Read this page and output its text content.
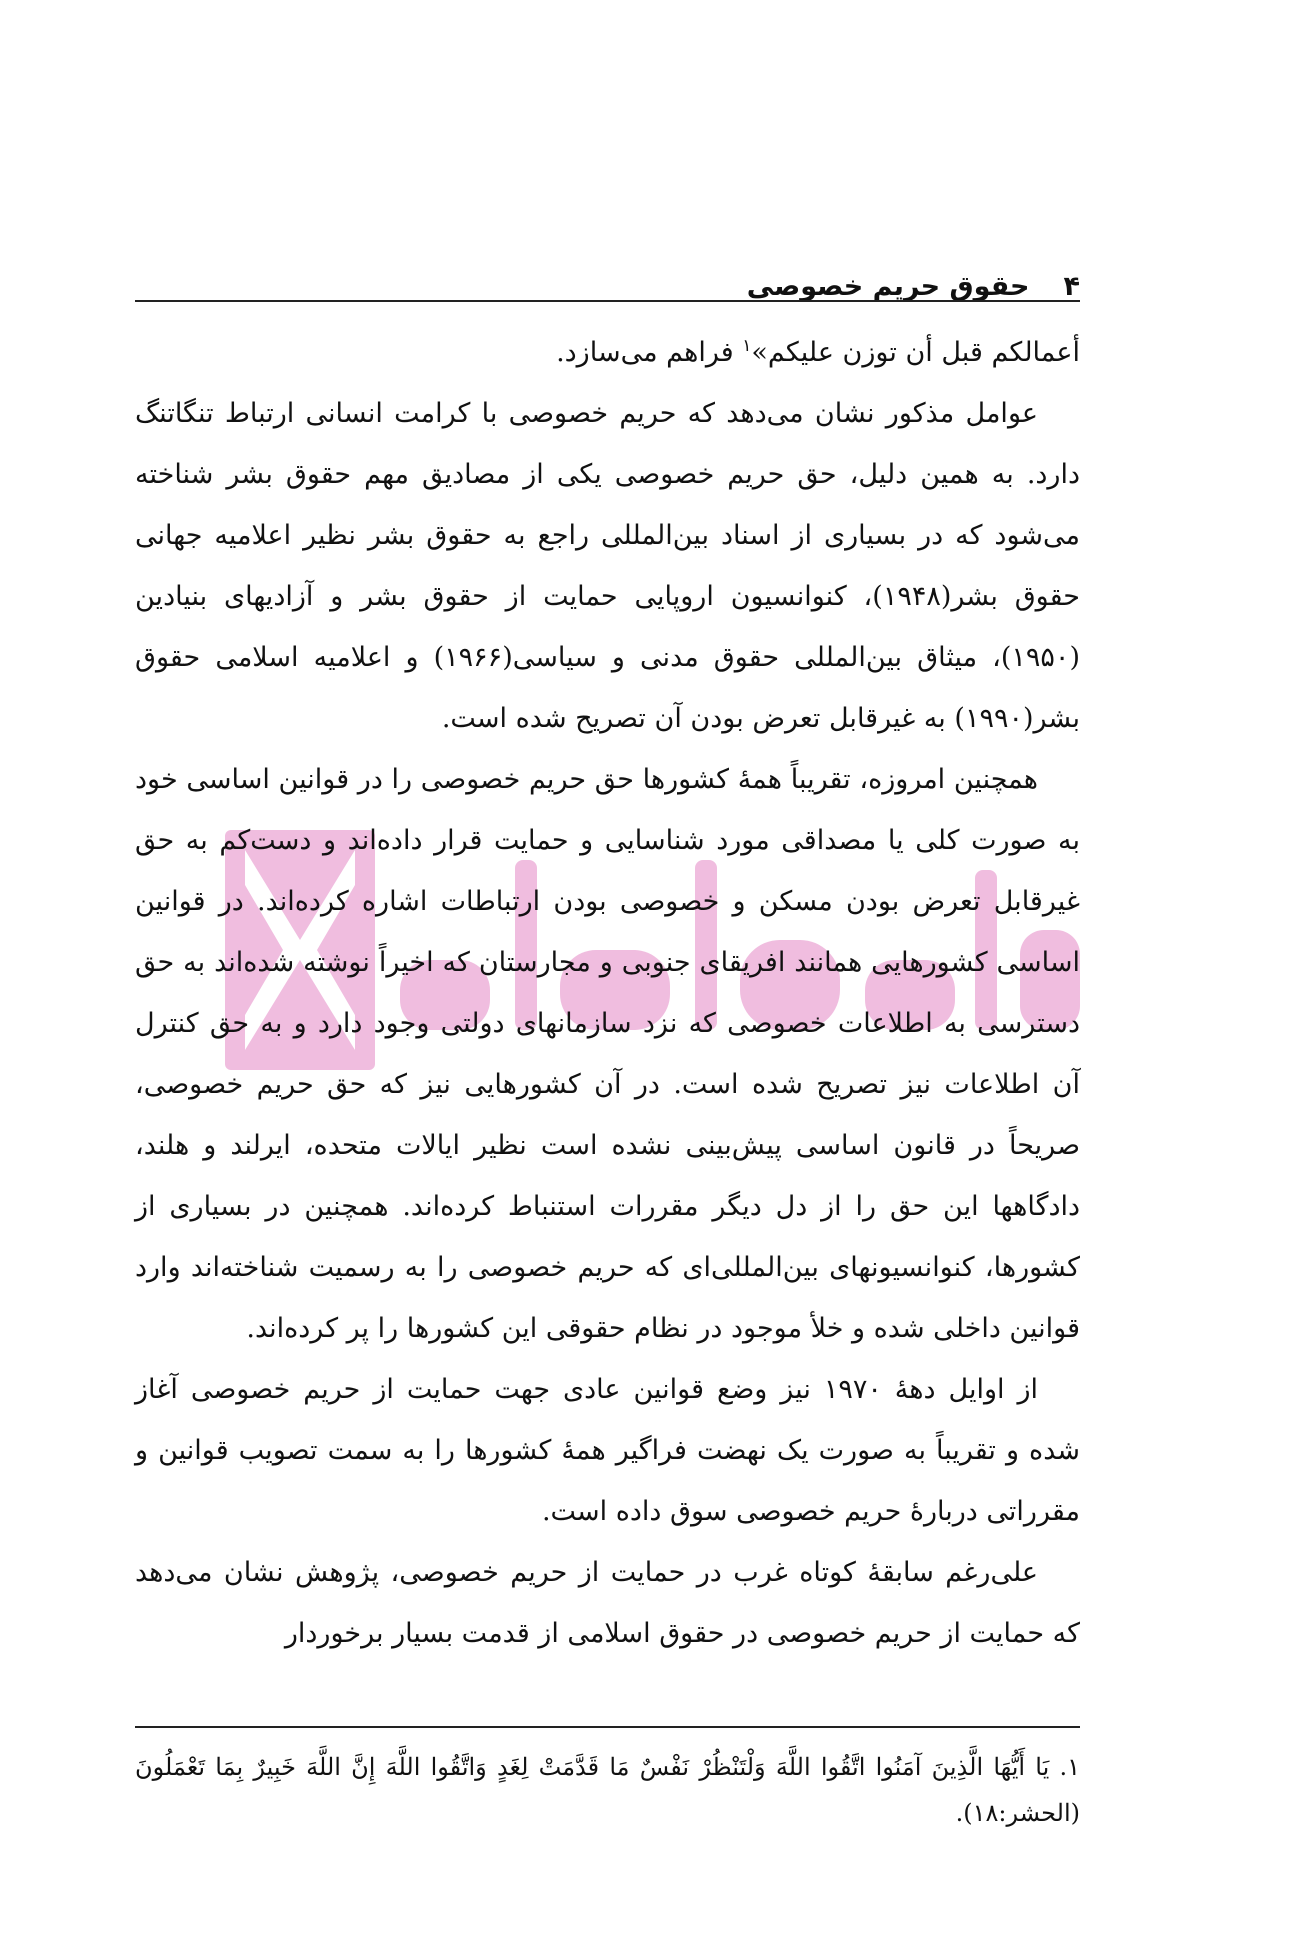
۴
حقوق حریم خصوصی

أعمالکم قبل أن توزن علیکم»$^۱$ فراهم می‌سازد.

عوامل مذکور نشان می‌دهد که حریم خصوصی با کرامت انسانی ارتباط تنگاتنگ دارد. به همین دلیل، حق حریم خصوصی یکی از مصادیق مهم حقوق بشر شناخته می‌شود که در بسیاری از اسناد بین‌المللی راجع به حقوق بشر نظیر اعلامیه جهانی حقوق بشر(۱۹۴۸)، کنوانسیون اروپایی حمایت از حقوق بشر و آزادیهای بنیادین (۱۹۵۰)، میثاق بین‌المللی حقوق مدنی و سیاسی(۱۹۶۶) و اعلامیه اسلامی حقوق بشر(۱۹۹۰) به غیرقابل تعرض بودن آن تصریح شده است.

همچنین امروزه، تقریباً همهٔ کشورها حق حریم خصوصی را در قوانین اساسی خود به صورت کلی یا مصداقی مورد شناسایی و حمایت قرار داده‌اند و دست‌کم به حق غیرقابل تعرض بودن مسکن و خصوصی بودن ارتباطات اشاره کرده‌اند. در قوانین اساسی کشورهایی همانند افریقای جنوبی و مجارستان که اخیراً نوشته شده‌اند به حق دسترسی به اطلاعات خصوصی که نزد سازمانهای دولتی وجود دارد و به حق کنترل آن اطلاعات نیز تصریح شده است. در آن کشورهایی نیز که حق حریم خصوصی، صریحاً در قانون اساسی پیش‌بینی نشده است نظیر ایالات متحده، ایرلند و هلند، دادگاهها این حق را از دل دیگر مقررات استنباط کرده‌اند. همچنین در بسیاری از کشورها، کنوانسیونهای بین‌المللی‌ای که حریم خصوصی را به رسمیت شناخته‌اند وارد قوانین داخلی شده و خلأ موجود در نظام حقوقی این کشورها را پر کرده‌اند.

از اوایل دههٔ ۱۹۷۰ نیز وضع قوانین عادی جهت حمایت از حریم خصوصی آغاز شده و تقریباً به صورت یک نهضت فراگیر همهٔ کشورها را به سمت تصویب قوانین و مقرراتی دربارهٔ حریم خصوصی سوق داده است.

علی‌رغم سابقهٔ کوتاه غرب در حمایت از حریم خصوصی، پژوهش نشان می‌دهد که حمایت از حریم خصوصی در حقوق اسلامی از قدمت بسیار برخوردار

۱. یَا أَیُّهَا الَّذِینَ آمَنُوا اتَّقُوا اللَّهَ وَلْتَنْظُرْ نَفْسٌ مَا قَدَّمَتْ لِغَدٍ وَاتَّقُوا اللَّهَ إِنَّ اللَّهَ خَبِیرٌ بِمَا تَعْمَلُونَ (الحشر:۱۸).
